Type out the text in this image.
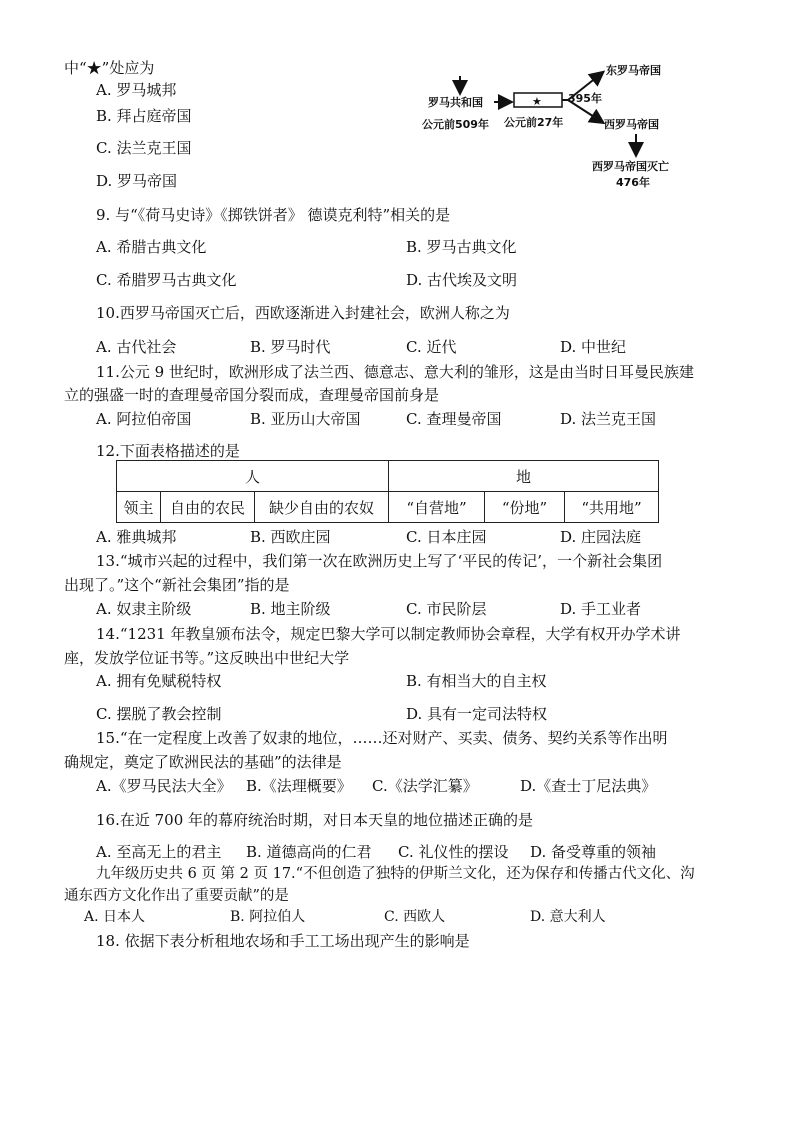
中“★”处应为
A. 罗马城邦
B. 拜占庭帝国
C. 法兰克王国
D. 罗马帝国
罗马共和国	★
公元前509年 公元前27年
395年
东罗马帝国
西罗马帝国
西罗马帝国灭亡
476年
9. 与“《荷马史诗》《掷铁饼者》 德谟克利特”相关的是
A. 希腊古典文化	B. 罗马古典文化
C. 希腊罗马古典文化	D. 古代埃及文明
10.西罗马帝国灭亡后，西欧逐渐进入封建社会，欧洲人称之为
A. 古代社会	B. 罗马时代	C. 近代	D. 中世纪
11.公元 9 世纪时，欧洲形成了法兰西、德意志、意大利的雏形，这是由当时日耳曼民族建
立的强盛一时的查理曼帝国分裂而成，查理曼帝国前身是
A. 阿拉伯帝国	B. 亚历山大帝国	C. 查理曼帝国	D. 法兰克王国
12.下面表格描述的是
人			地		
领主	自由的农民	缺少自由的农奴	“自营地”	“份地”	“共用地”
A. 雅典城邦	B. 西欧庄园	C. 日本庄园	D. 庄园法庭
13.“城市兴起的过程中，我们第一次在欧洲历史上写了‘平民的传记’，一个新社会集团
出现了。”这个“新社会集团”指的是
A. 奴隶主阶级	B. 地主阶级	C. 市民阶层	D. 手工业者
14.“1231 年教皇颁布法令，规定巴黎大学可以制定教师协会章程，大学有权开办学术讲
座，发放学位证书等。”这反映出中世纪大学
A. 拥有免赋税特权	B. 有相当大的自主权
C. 摆脱了教会控制	D. 具有一定司法特权
15.“在一定程度上改善了奴隶的地位，……还对财产、买卖、债务、契约关系等作出明
确规定，奠定了欧洲民法的基础”的法律是
A.《罗马民法大全》 B.《法理概要》 C.《法学汇纂》	D.《查士丁尼法典》
16.在近 700 年的幕府统治时期，对日本天皇的地位描述正确的是
A. 至高无上的君主 B. 道德高尚的仁君 C. 礼仪性的摆设 D. 备受尊重的领袖
九年级历史共 6 页 第 2 页 17.“不但创造了独特的伊斯兰文化，还为保存和传播古代文化、沟
通东西方文化作出了重要贡献”的是
A. 日本人	B. 阿拉伯人	C. 西欧人	D. 意大利人
18. 依据下表分析租地农场和手工工场出现产生的影响是
